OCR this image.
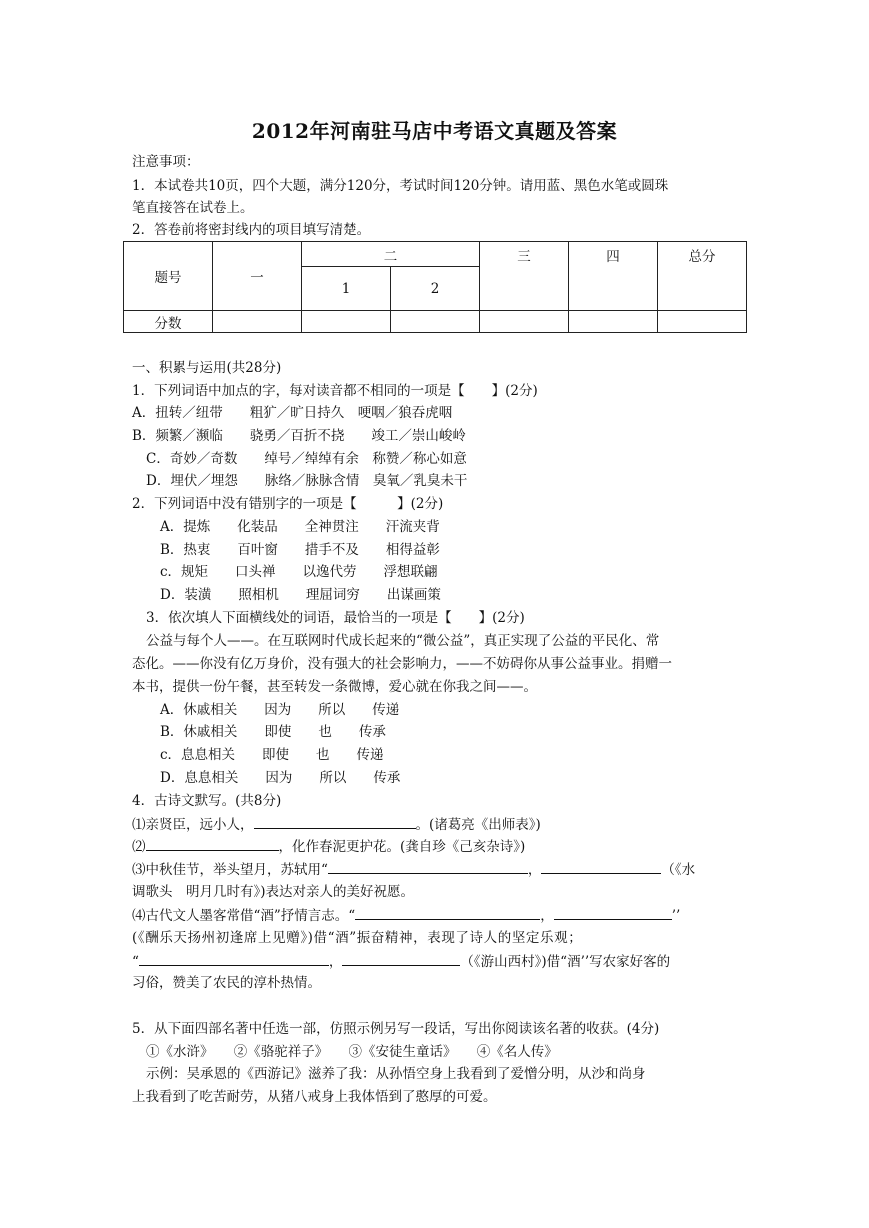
2012年河南驻马店中考语文真题及答案
注意事项：
1．本试卷共10页，四个大题，满分120分，考试时间120分钟。请用蓝、黑色水笔或圆珠
笔直接答在试卷上。
2．答卷前将密封线内的项目填写清楚。
题号	一	二		三	四	总分
		1	2			
分数						
一、积累与运用(共28分)
1．下列词语中加点的字，每对读音都不相同的一项是【　　】(2分)
A．扭转／纽带　　粗犷／旷日持久　哽咽／狼吞虎咽
B．频繁／濒临　　骁勇／百折不挠　　竣工／崇山峻岭
C．奇妙／奇数　　绰号／绰绰有余　称赞／称心如意
D．埋伏／埋怨　　脉络／脉脉含情　臭氧／乳臭未干
2．下列词语中没有错别字的一项是【　　　】(2分)
A．提炼　　化装品　　全神贯注　　汗流夹背
B．热衷　　百叶窗　　措手不及　　相得益彰
c．规矩　　口头禅　　以逸代劳　　浮想联翩
D．装潢　　照相机　　理屈词穷　　出谋画策
3．依次填人下面横线处的词语，最恰当的一项是【　　】(2分)
公益与每个人——。在互联网时代成长起来的“微公益”，真正实现了公益的平民化、常
态化。——你没有亿万身价，没有强大的社会影响力，——不妨碍你从事公益事业。捐赠一
本书，提供一份午餐，甚至转发一条微博，爱心就在你我之间——。
A．休戚相关　　因为　　所以　　传递
B．休戚相关　　即使　　也　　传承
c．息息相关　　即使　　也　　传递
D．息息相关　　因为　　所以　　传承
4．古诗文默写。(共8分)
⑴亲贤臣，远小人，	。(诸葛亮《出师表》)
⑵	，化作春泥更护花。(龚自珍《己亥杂诗》)
⑶中秋佳节，举头望月，苏轼用“	，	（《水
调歌头　明月几时有》)表达对亲人的美好祝愿。
⑷古代文人墨客常借“酒”抒情言志。“	，	’’
(《酬乐天扬州初逢席上见赠》)借“酒”振奋精神，表现了诗人的坚定乐观；
“	，	（《游山西村》)借“酒’’写农家好客的
习俗，赞美了农民的淳朴热情。
5．从下面四部名著中任选一部，仿照示例另写一段话，写出你阅读该名著的收获。(4分)
①《水浒》　　②《骆驼祥子》　　③《安徒生童话》　　④《名人传》
示例：吴承恩的《西游记》滋养了我：从孙悟空身上我看到了爱憎分明，从沙和尚身
上我看到了吃苦耐劳，从猪八戒身上我体悟到了憨厚的可爱。
